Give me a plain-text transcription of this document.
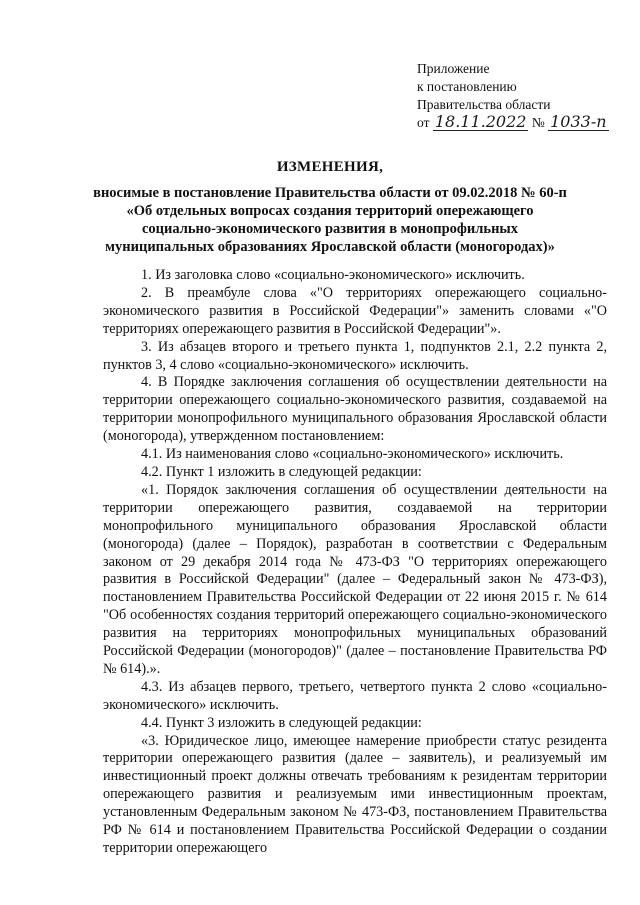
Приложение
к постановлению
Правительства области
от 18.11.2022 № 1033-п
ИЗМЕНЕНИЯ,
вносимые в постановление Правительства области от 09.02.2018 № 60-п
«Об отдельных вопросах создания территорий опережающего
социально-экономического развития в монопрофильных
муниципальных образованиях Ярославской области (моногородах)»

1. Из заголовка слово «социально-экономического» исключить.

2. В преамбуле слова «"О территориях опережающего социально-экономического развития в Российской Федерации"» заменить словами «"О территориях опережающего развития в Российской Федерации"».

3. Из абзацев второго и третьего пункта 1, подпунктов 2.1, 2.2 пункта 2, пунктов 3, 4 слово «социально-экономического» исключить.

4. В Порядке заключения соглашения об осуществлении деятельности на территории опережающего социально-экономического развития, создаваемой на территории монопрофильного муниципального образования Ярославской области (моногорода), утвержденном постановлением:

4.1. Из наименования слово «социально-экономического» исключить.

4.2. Пункт 1 изложить в следующей редакции:

«1. Порядок заключения соглашения об осуществлении деятельности на территории опережающего развития, создаваемой на территории монопрофильного муниципального образования Ярославской области (моногорода) (далее – Порядок), разработан в соответствии с Федеральным законом от 29 декабря 2014 года № 473-ФЗ "О территориях опережающего развития в Российской Федерации" (далее – Федеральный закон № 473-ФЗ), постановлением Правительства Российской Федерации от 22 июня 2015 г. № 614 "Об особенностях создания территорий опережающего социально-экономического развития на территориях монопрофильных муниципальных образований Российской Федерации (моногородов)" (далее – постановление Правительства РФ № 614).».

4.3. Из абзацев первого, третьего, четвертого пункта 2 слово «социально-экономического» исключить.

4.4. Пункт 3 изложить в следующей редакции:

«3. Юридическое лицо, имеющее намерение приобрести статус резидента территории опережающего развития (далее – заявитель), и реализуемый им инвестиционный проект должны отвечать требованиям к резидентам территории опережающего развития и реализуемым ими инвестиционным проектам, установленным Федеральным законом № 473-ФЗ, постановлением Правительства РФ № 614 и постановлением Правительства Российской Федерации о создании территории опережающего
